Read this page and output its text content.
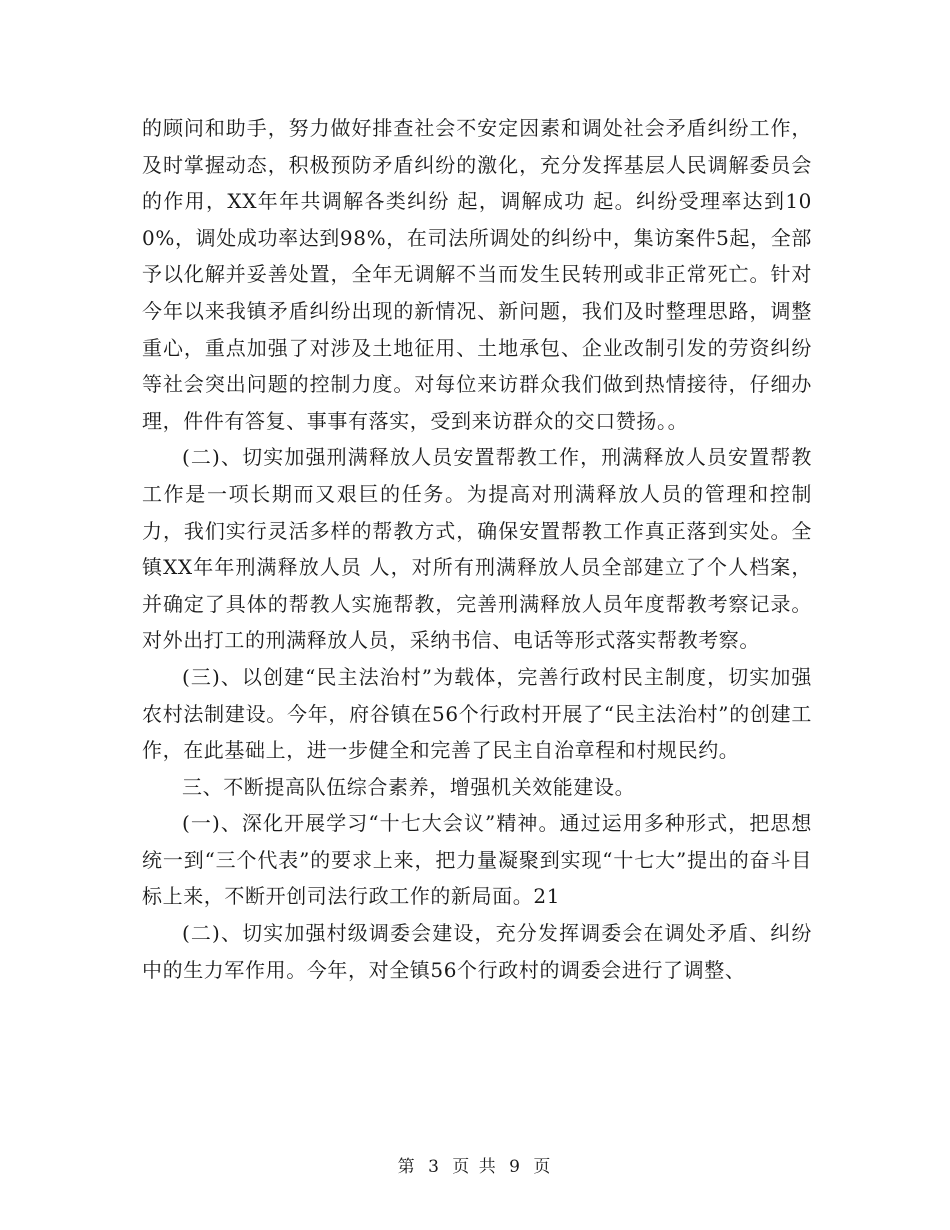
的顾问和助手，努力做好排查社会不安定因素和调处社会矛盾纠纷工作，及时掌握动态，积极预防矛盾纠纷的激化，充分发挥基层人民调解委员会的作用，XX年年共调解各类纠纷 起，调解成功 起。纠纷受理率达到100%，调处成功率达到98%，在司法所调处的纠纷中，集访案件5起，全部予以化解并妥善处置，全年无调解不当而发生民转刑或非正常死亡。针对今年以来我镇矛盾纠纷出现的新情况、新问题，我们及时整理思路，调整重心，重点加强了对涉及土地征用、土地承包、企业改制引发的劳资纠纷等社会突出问题的控制力度。对每位来访群众我们做到热情接待，仔细办理，件件有答复、事事有落实，受到来访群众的交口赞扬。。

(二)、切实加强刑满释放人员安置帮教工作，刑满释放人员安置帮教工作是一项长期而又艰巨的任务。为提高对刑满释放人员的管理和控制力，我们实行灵活多样的帮教方式，确保安置帮教工作真正落到实处。全镇XX年年刑满释放人员 人，对所有刑满释放人员全部建立了个人档案，并确定了具体的帮教人实施帮教，完善刑满释放人员年度帮教考察记录。对外出打工的刑满释放人员，采纳书信、电话等形式落实帮教考察。

(三)、以创建“民主法治村”为载体，完善行政村民主制度，切实加强农村法制建设。今年，府谷镇在56个行政村开展了“民主法治村”的创建工作，在此基础上，进一步健全和完善了民主自治章程和村规民约。

三、不断提高队伍综合素养，增强机关效能建设。

(一)、深化开展学习“十七大会议”精神。通过运用多种形式，把思想统一到“三个代表”的要求上来，把力量凝聚到实现“十七大”提出的奋斗目标上来，不断开创司法行政工作的新局面。21

(二)、切实加强村级调委会建设，充分发挥调委会在调处矛盾、纠纷中的生力军作用。今年，对全镇56个行政村的调委会进行了调整、

第 3 页 共 9 页
